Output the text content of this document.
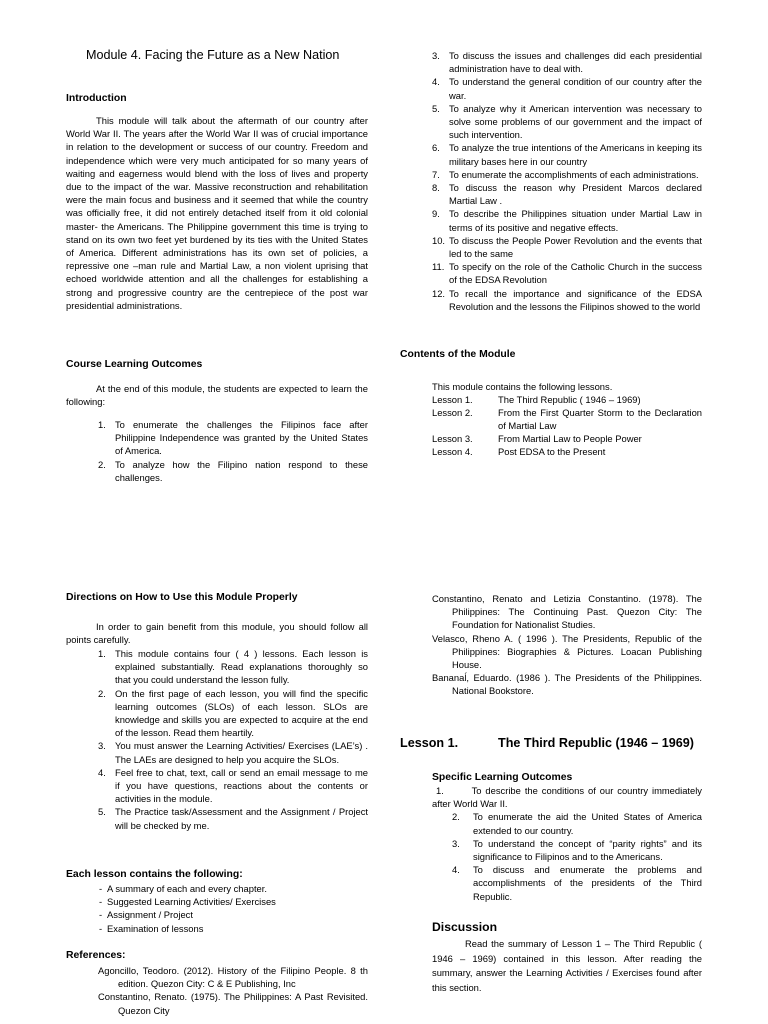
Module 4. Facing the Future as a New Nation
Introduction
This module will talk about the aftermath of our country after World War II. The years after the World War II was of crucial importance in relation to the development or success of our country. Freedom and independence which were very much anticipated for so many years of waiting and eagerness would blend with the loss of lives and property due to the impact of the war. Massive reconstruction and rehabilitation were the main focus and business and it seemed that while the country was officially free, it did not entirely detached itself from it old colonial master- the Americans. The Philippine government this time is trying to stand on its own two feet yet burdened by its ties with the United States of America. Different administrations has its own set of policies, a repressive one –man rule and Martial Law, a non violent uprising that echoed worldwide attention and all the challenges for establishing a strong and progressive country are the centrepiece of the post war presidential administrations.
Course Learning Outcomes
At the end of this module, the students are expected to learn the following:
1. To enumerate the challenges the Filipinos face after Philippine Independence was granted by the United States of America.
2. To analyze how the Filipino nation respond to these challenges.
3. To discuss the issues and challenges did each presidential administration have to deal with.
4. To understand the general condition of our country after the war.
5. To analyze why it American intervention was necessary to solve some problems of our government and the impact of such intervention.
6. To analyze the true intentions of the Americans in keeping its military bases here in our country
7. To enumerate the accomplishments of each administrations.
8. To discuss the reason why President Marcos declared Martial Law .
9. To describe the Philippines situation under Martial Law in terms of its positive and negative effects.
10. To discuss the People Power Revolution and the events that led to the same
11. To specify on the role of the Catholic Church in the success of the EDSA Revolution
12. To recall the importance and significance of the EDSA Revolution and the lessons the Filipinos showed to the world
Contents of the Module
This module contains the following lessons.
Lesson 1.	The Third Republic ( 1946 – 1969)
Lesson 2.	From the First Quarter Storm to the Declaration of Martial Law
Lesson 3.	From Martial Law to People Power
Lesson 4.	Post EDSA to the Present
Directions on How to Use this Module Properly
In order to gain benefit from this module, you should follow all points carefully.
1. This module contains four ( 4 ) lessons. Each lesson is explained substantially. Read explanations thoroughly so that you could understand the lesson fully.
2. On the first page of each lesson, you will find the specific learning outcomes (SLOs) of each lesson. SLOs are knowledge and skills you are expected to acquire at the end of the lesson. Read them heartily.
3. You must answer the Learning Activities/ Exercises (LAE’s) . The LAEs are designed to help you acquire the SLOs.
4. Feel free to chat, text, call or send an email message to me if you have questions, reactions about the contents or activities in the module.
5. The Practice task/Assessment and the Assignment / Project will be checked by me.
Each lesson contains the following:
- A summary of each and every chapter.
- Suggested Learning Activities/ Exercises
- Assignment / Project
- Examination of lessons
References:
Agoncillo, Teodoro. (2012). History of the Filipino People. 8 th edition. Quezon City: C & E Publishing, Inc
Constantino, Renato. (1975). The Philippines: A Past Revisited. Quezon City
Constantino, Renato and Letizia Constantino. (1978). The Philippines: The Continuing Past. Quezon City: The Foundation for Nationalist Studies.
Velasco, Rheno A. ( 1996 ). The Presidents, Republic of the Philippines: Biographies & Pictures. Loacan Publishing House.
Bananaĺ, Eduardo. (1986 ). The Presidents of the Philippines. National Bookstore.
Lesson 1.	The Third Republic (1946 – 1969)
Specific Learning Outcomes
1.	To describe the conditions of our country immediately after World War II.
2. To enumerate the aid the United States of America extended to our country.
3. To understand the concept of “parity rights” and its significance to Filipinos and to the Americans.
4. To discuss and enumerate the problems and accomplishments of the presidents of the Third Republic.
Discussion
Read the summary of Lesson 1 – The Third Republic ( 1946 – 1969) contained in this lesson. After reading the summary, answer the Learning Activities / Exercises found after this section.
